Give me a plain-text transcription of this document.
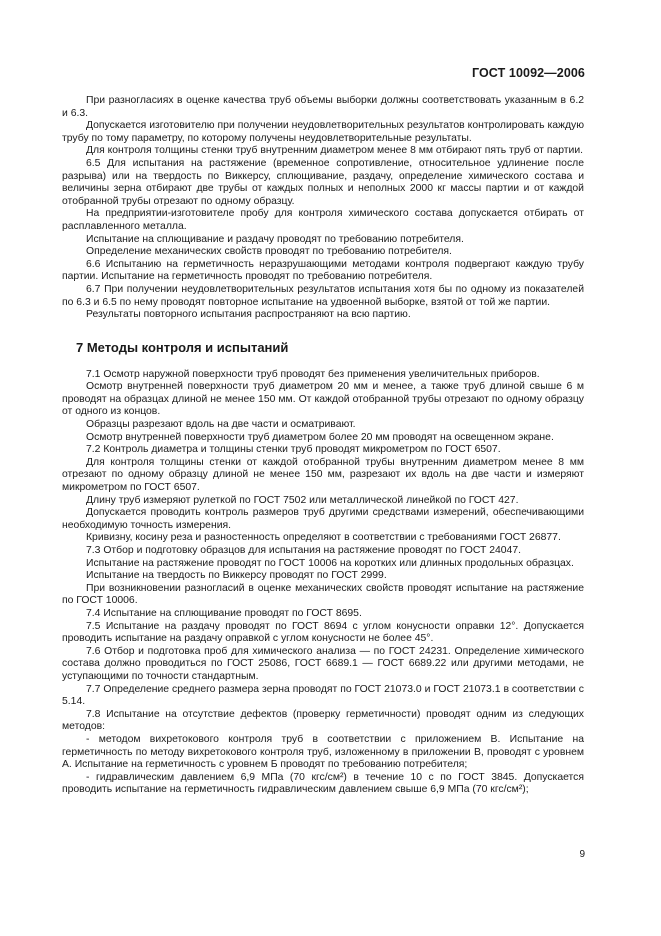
ГОСТ 10092—2006

При разногласиях в оценке качества труб объемы выборки должны соответствовать указанным в 6.2 и 6.3.

Допускается изготовителю при получении неудовлетворительных результатов контролировать каждую трубу по тому параметру, по которому получены неудовлетворительные результаты.

Для контроля толщины стенки труб внутренним диаметром менее 8 мм отбирают пять труб от партии.

6.5 Для испытания на растяжение (временное сопротивление, относительное удлинение после разрыва) или на твердость по Виккерсу, сплющивание, раздачу, определение химического состава и величины зерна отбирают две трубы от каждых полных и неполных 2000 кг массы партии и от каждой отобранной трубы отрезают по одному образцу.

На предприятии-изготовителе пробу для контроля химического состава допускается отбирать от расплавленного металла.

Испытание на сплющивание и раздачу проводят по требованию потребителя.

Определение механических свойств проводят по требованию потребителя.

6.6 Испытанию на герметичность неразрушающими методами контроля подвергают каждую трубу партии. Испытание на герметичность проводят по требованию потребителя.

6.7 При получении неудовлетворительных результатов испытания хотя бы по одному из показателей по 6.3 и 6.5 по нему проводят повторное испытание на удвоенной выборке, взятой от той же партии.

Результаты повторного испытания распространяют на всю партию.

7 Методы контроля и испытаний

7.1 Осмотр наружной поверхности труб проводят без применения увеличительных приборов.

Осмотр внутренней поверхности труб диаметром 20 мм и менее, а также труб длиной свыше 6 м проводят на образцах длиной не менее 150 мм. От каждой отобранной трубы отрезают по одному образцу от одного из концов.

Образцы разрезают вдоль на две части и осматривают.

Осмотр внутренней поверхности труб диаметром более 20 мм проводят на освещенном экране.

7.2 Контроль диаметра и толщины стенки труб проводят микрометром по ГОСТ 6507.

Для контроля толщины стенки от каждой отобранной трубы внутренним диаметром менее 8 мм отрезают по одному образцу длиной не менее 150 мм, разрезают их вдоль на две части и измеряют микрометром по ГОСТ 6507.

Длину труб измеряют рулеткой по ГОСТ 7502 или металлической линейкой по ГОСТ 427.

Допускается проводить контроль размеров труб другими средствами измерений, обеспечивающими необходимую точность измерения.

Кривизну, косину реза и разностенность определяют в соответствии с требованиями ГОСТ 26877.

7.3 Отбор и подготовку образцов для испытания на растяжение проводят по ГОСТ 24047.

Испытание на растяжение проводят по ГОСТ 10006 на коротких или длинных продольных образцах.

Испытание на твердость по Виккерсу проводят по ГОСТ 2999.

При возникновении разногласий в оценке механических свойств проводят испытание на растяжение по ГОСТ 10006.

7.4 Испытание на сплющивание проводят по ГОСТ 8695.

7.5 Испытание на раздачу проводят по ГОСТ 8694 с углом конусности оправки 12°. Допускается проводить испытание на раздачу оправкой с углом конусности не более 45°.

7.6 Отбор и подготовка проб для химического анализа — по ГОСТ 24231. Определение химического состава должно проводиться по ГОСТ 25086, ГОСТ 6689.1 — ГОСТ 6689.22 или другими методами, не уступающими по точности стандартным.

7.7 Определение среднего размера зерна проводят по ГОСТ 21073.0 и ГОСТ 21073.1 в соответствии с 5.14.

7.8 Испытание на отсутствие дефектов (проверку герметичности) проводят одним из следующих методов:

- методом вихретокового контроля труб в соответствии с приложением В. Испытание на герметичность по методу вихретокового контроля труб, изложенному в приложении В, проводят с уровнем А. Испытание на герметичность с уровнем Б проводят по требованию потребителя;

- гидравлическим давлением 6,9 МПа (70 кгс/см²) в течение 10 с по ГОСТ 3845. Допускается проводить испытание на герметичность гидравлическим давлением свыше 6,9 МПа (70 кгс/см²);

9
